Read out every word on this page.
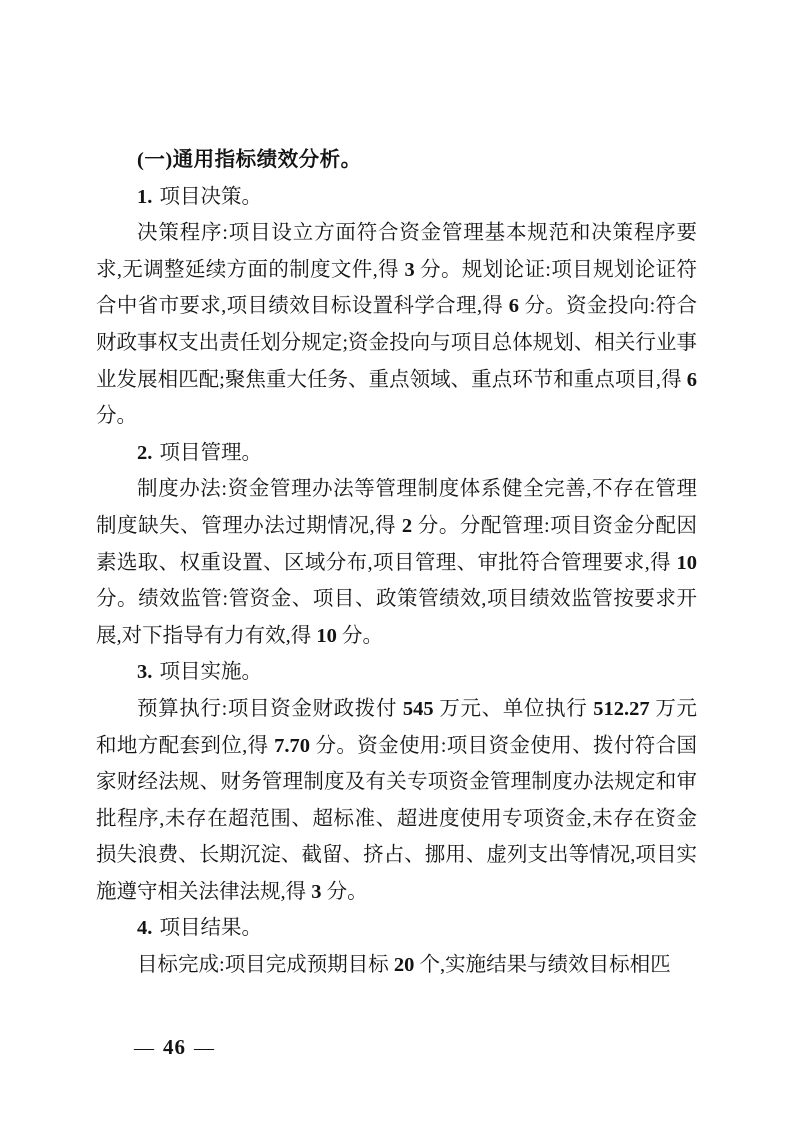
(一)通用指标绩效分析。
1. 项目决策。

决策程序:项目设立方面符合资金管理基本规范和决策程序要求,无调整延续方面的制度文件,得 3 分。规划论证:项目规划论证符合中省市要求,项目绩效目标设置科学合理,得 6 分。资金投向:符合财政事权支出责任划分规定;资金投向与项目总体规划、相关行业事业发展相匹配;聚焦重大任务、重点领域、重点环节和重点项目,得 6 分。

2. 项目管理。

制度办法:资金管理办法等管理制度体系健全完善,不存在管理制度缺失、管理办法过期情况,得 2 分。分配管理:项目资金分配因素选取、权重设置、区域分布,项目管理、审批符合管理要求,得 10 分。绩效监管:管资金、项目、政策管绩效,项目绩效监管按要求开展,对下指导有力有效,得 10 分。

3. 项目实施。

预算执行:项目资金财政拨付 545 万元、单位执行 512.27 万元和地方配套到位,得 7.70 分。资金使用:项目资金使用、拨付符合国家财经法规、财务管理制度及有关专项资金管理制度办法规定和审批程序,未存在超范围、超标准、超进度使用专项资金,未存在资金损失浪费、长期沉淀、截留、挤占、挪用、虚列支出等情况,项目实施遵守相关法律法规,得 3 分。

4. 项目结果。

目标完成:项目完成预期目标 20 个,实施结果与绩效目标相匹

— 46 —
